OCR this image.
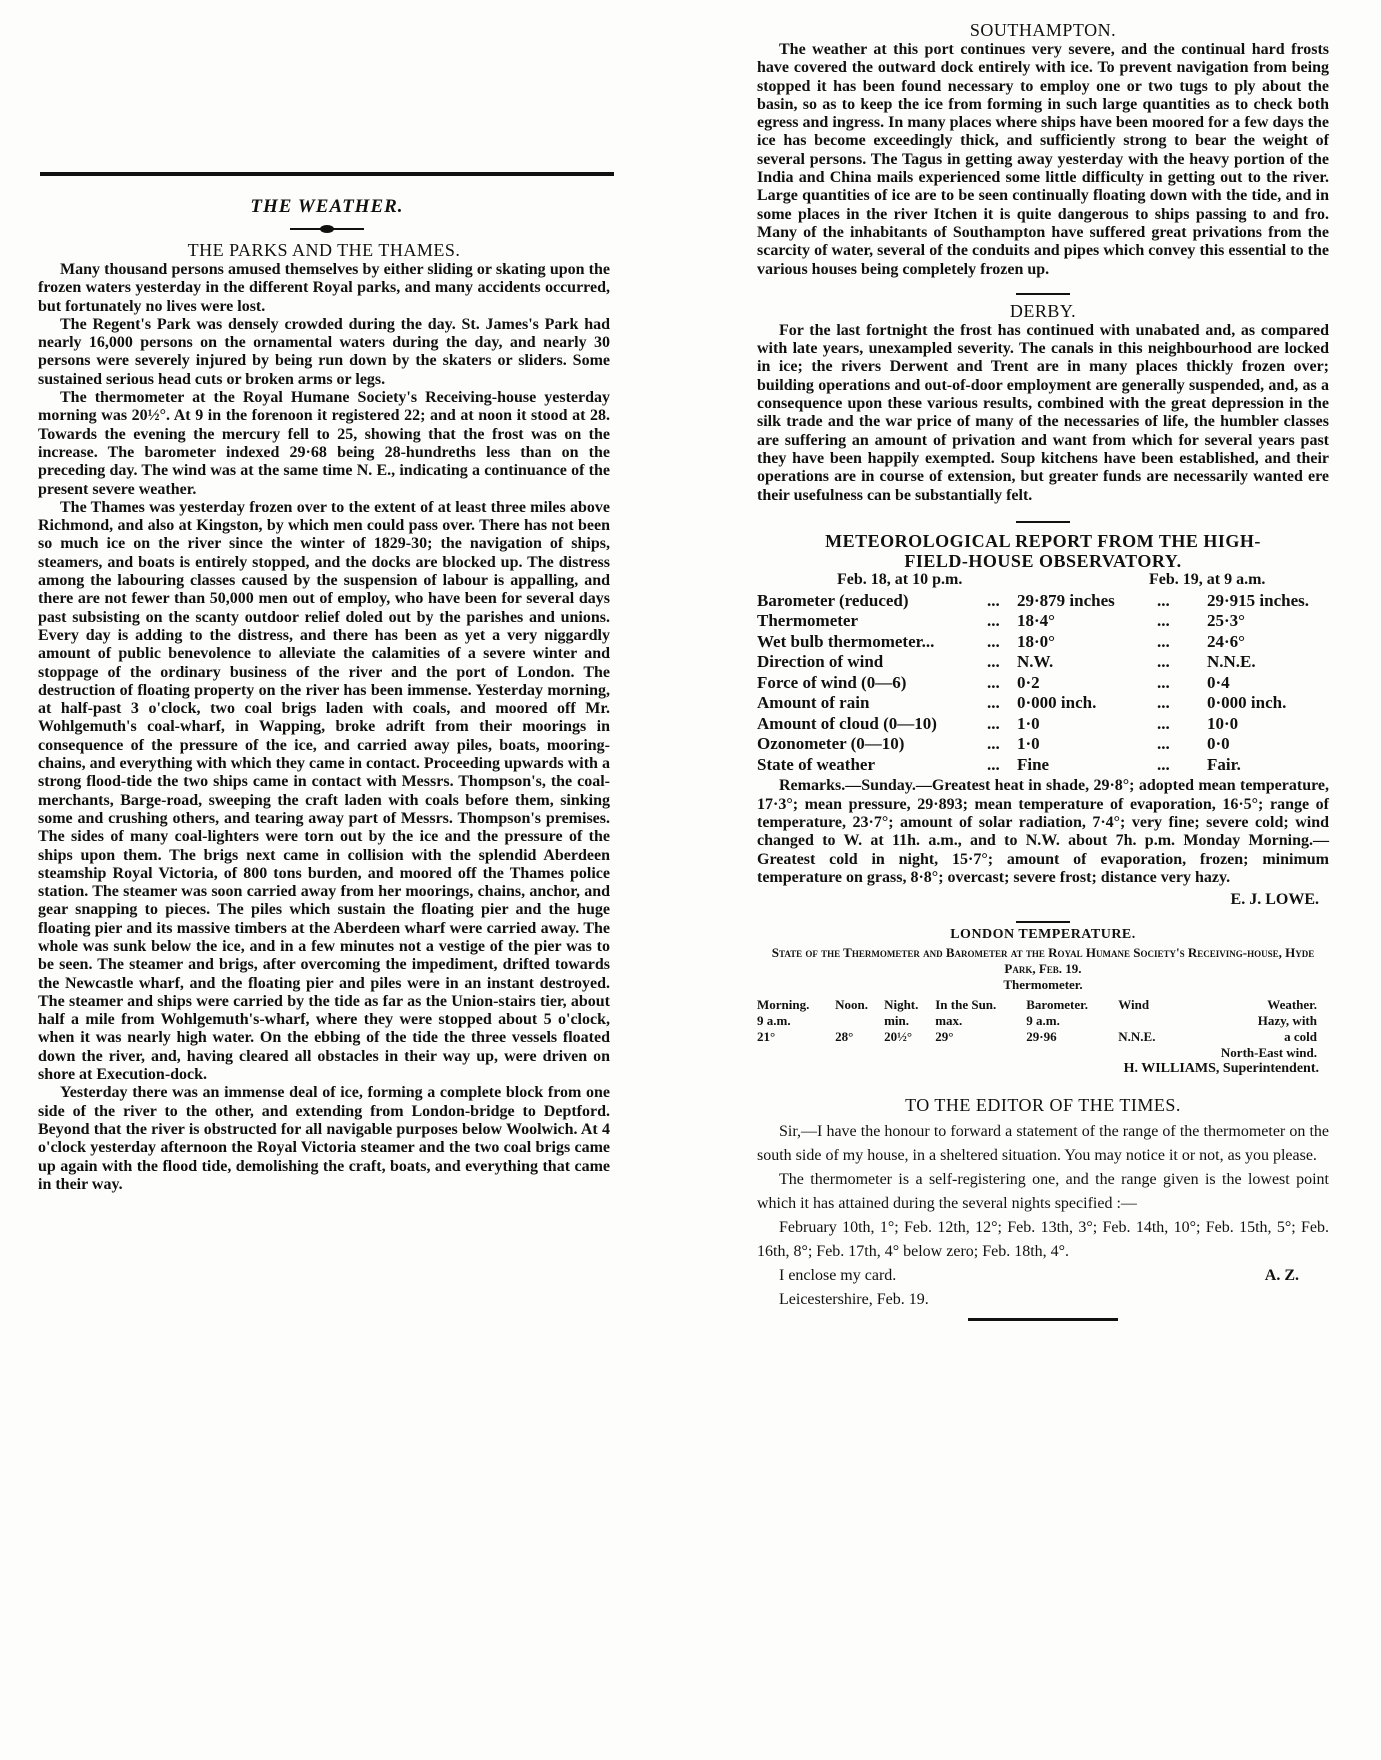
THE WEATHER.

THE PARKS AND THE THAMES.

Many thousand persons amused themselves by either sliding or skating upon the frozen waters yesterday in the different Royal parks, and many accidents occurred, but fortunately no lives were lost.

The Regent's Park was densely crowded during the day. St. James's Park had nearly 16,000 persons on the ornamental waters during the day, and nearly 30 persons were severely injured by being run down by the skaters or sliders. Some sustained serious head cuts or broken arms or legs.

The thermometer at the Royal Humane Society's Receiving-house yesterday morning was 20½°. At 9 in the forenoon it registered 22; and at noon it stood at 28. Towards the evening the mercury fell to 25, showing that the frost was on the increase. The barometer indexed 29·68 being 28-hundreths less than on the preceding day. The wind was at the same time N. E., indicating a continuance of the present severe weather.

The Thames was yesterday frozen over to the extent of at least three miles above Richmond, and also at Kingston, by which men could pass over. There has not been so much ice on the river since the winter of 1829-30; the navigation of ships, steamers, and boats is entirely stopped, and the docks are blocked up. The distress among the labouring classes caused by the suspension of labour is appalling, and there are not fewer than 50,000 men out of employ, who have been for several days past subsisting on the scanty outdoor relief doled out by the parishes and unions. Every day is adding to the distress, and there has been as yet a very niggardly amount of public benevolence to alleviate the calamities of a severe winter and stoppage of the ordinary business of the river and the port of London. The destruction of floating property on the river has been immense. Yesterday morning, at half-past 3 o'clock, two coal brigs laden with coals, and moored off Mr. Wohlgemuth's coal-wharf, in Wapping, broke adrift from their moorings in consequence of the pressure of the ice, and carried away piles, boats, mooring-chains, and everything with which they came in contact. Proceeding upwards with a strong flood-tide the two ships came in contact with Messrs. Thompson's, the coal-merchants, Barge-road, sweeping the craft laden with coals before them, sinking some and crushing others, and tearing away part of Messrs. Thompson's premises. The sides of many coal-lighters were torn out by the ice and the pressure of the ships upon them. The brigs next came in collision with the splendid Aberdeen steamship Royal Victoria, of 800 tons burden, and moored off the Thames police station. The steamer was soon carried away from her moorings, chains, anchor, and gear snapping to pieces. The piles which sustain the floating pier and the huge floating pier and its massive timbers at the Aberdeen wharf were carried away. The whole was sunk below the ice, and in a few minutes not a vestige of the pier was to be seen. The steamer and brigs, after overcoming the impediment, drifted towards the Newcastle wharf, and the floating pier and piles were in an instant destroyed. The steamer and ships were carried by the tide as far as the Union-stairs tier, about half a mile from Wohlgemuth's-wharf, where they were stopped about 5 o'clock, when it was nearly high water. On the ebbing of the tide the three vessels floated down the river, and, having cleared all obstacles in their way up, were driven on shore at Execution-dock.

Yesterday there was an immense deal of ice, forming a complete block from one side of the river to the other, and extending from London-bridge to Deptford. Beyond that the river is obstructed for all navigable purposes below Woolwich. At 4 o'clock yesterday afternoon the Royal Victoria steamer and the two coal brigs came up again with the flood tide, demolishing the craft, boats, and everything that came in their way.

SOUTHAMPTON.

The weather at this port continues very severe, and the continual hard frosts have covered the outward dock entirely with ice. To prevent navigation from being stopped it has been found necessary to employ one or two tugs to ply about the basin, so as to keep the ice from forming in such large quantities as to check both egress and ingress. In many places where ships have been moored for a few days the ice has become exceedingly thick, and sufficiently strong to bear the weight of several persons. The Tagus in getting away yesterday with the heavy portion of the India and China mails experienced some little difficulty in getting out to the river. Large quantities of ice are to be seen continually floating down with the tide, and in some places in the river Itchen it is quite dangerous to ships passing to and fro. Many of the inhabitants of Southampton have suffered great privations from the scarcity of water, several of the conduits and pipes which convey this essential to the various houses being completely frozen up.

DERBY.

For the last fortnight the frost has continued with unabated and, as compared with late years, unexampled severity. The canals in this neighbourhood are locked in ice; the rivers Derwent and Trent are in many places thickly frozen over; building operations and out-of-door employment are generally suspended, and, as a consequence upon these various results, combined with the great depression in the silk trade and the war price of many of the necessaries of life, the humbler classes are suffering an amount of privation and want from which for several years past they have been happily exempted. Soup kitchens have been established, and their operations are in course of extension, but greater funds are necessarily wanted ere their usefulness can be substantially felt.

METEOROLOGICAL REPORT FROM THE HIGH-

FIELD-HOUSE OBSERVATORY.

Feb. 18, at 10 p.m.	Feb. 19, at 9 a.m.
Barometer (reduced)	...	29·879 inches	...	29·915 inches.
Thermometer	...	18·4°	...	25·3°
Wet bulb thermometer...	...	18·0°	...	24·6°
Direction of wind	...	N.W.	...	N.N.E.
Force of wind (0—6)	...	0·2	...	0·4
Amount of rain	...	0·000 inch.	...	0·000 inch.
Amount of cloud (0—10)	...	1·0	...	10·0
Ozonometer (0—10)	...	1·0	...	0·0
State of weather	...	Fine	...	Fair.

Remarks.—Sunday.—Greatest heat in shade, 29·8°; adopted mean temperature, 17·3°; mean pressure, 29·893; mean temperature of evaporation, 16·5°; range of temperature, 23·7°; amount of solar radiation, 7·4°; very fine; severe cold; wind changed to W. at 11h. a.m., and to N.W. about 7h. p.m. Monday Morning.—Greatest cold in night, 15·7°; amount of evaporation, frozen; minimum temperature on grass, 8·8°; overcast; severe frost; distance very hazy.

E. J. LOWE.

LONDON TEMPERATURE.

State of the Thermometer and Barometer at the Royal Humane Society's Receiving-house, Hyde Park, Feb. 19.

Thermometer.

Morning.	Noon.	Night.	In the Sun.	Barometer.	Wind	Weather.
9 a.m.		min.	max.	9 a.m.		Hazy, with
21°	28°	20½°	29°	29·96	N.N.E.	a cold
						North-East wind.

H. WILLIAMS, Superintendent.

TO THE EDITOR OF THE TIMES.

Sir,—I have the honour to forward a statement of the range of the thermometer on the south side of my house, in a sheltered situation. You may notice it or not, as you please.

The thermometer is a self-registering one, and the range given is the lowest point which it has attained during the several nights specified :—

February 10th, 1°; Feb. 12th, 12°; Feb. 13th, 3°; Feb. 14th, 10°; Feb. 15th, 5°; Feb. 16th, 8°; Feb. 17th, 4° below zero; Feb. 18th, 4°.

I enclose my card.	A. Z.

Leicestershire, Feb. 19.
